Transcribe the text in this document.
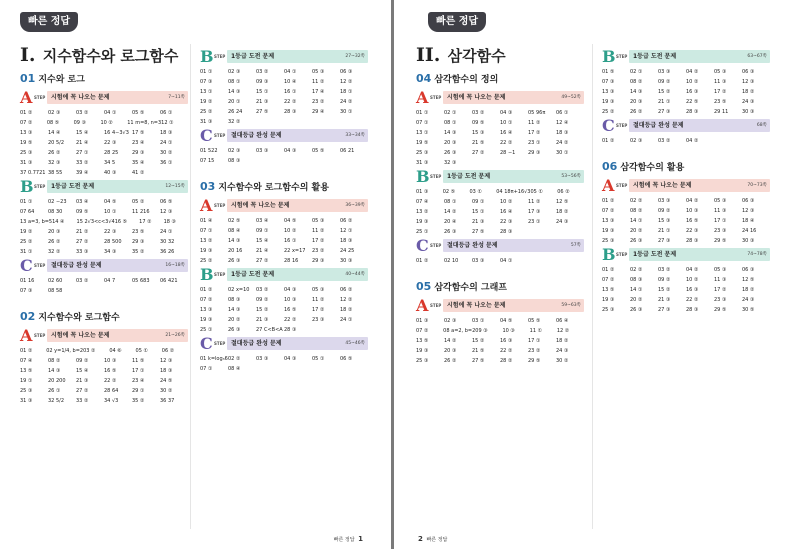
빠른 정답
I. 지수함수와 로그함수
01 지수와 로그
A STEP 시험에 꼭 나오는 문제	7~11쪽
01 ②	02 ③	03 ②	04 ①	05 ⑤	06 ①
07 ②	08 ⑤	09 ③	10 ②	11 m=8, n=3 12 ①
13 ③	14 ④	15 ④	16 4−3√3 17 ⑤	18 ③
19 ⑤	20 5/2	21 ④	22 ③	23 ④	24 ①
25 ③	26 ②	27 ①	28 25	29 ③	30 ②
31 ③	32 ③	33 ②	34 5	35 ④	36 ①
37 0.7721 38 55	39 ④	40 ③	41 ②
B STEP 1등급 도전 문제	12~15쪽
01 ①	02 −23	03 ④	04 ⑤	05 ②	06 ⑤
07 64	08 30	09 ⑤	10 ①	11 216	12 ③
13 a=3, b=5 14 ④	15 2√3<c<3√4 16 ⑤	17 ②	18 ③
19 ②	20 ③	21 ②	22 ③	23 ⑤	24 ①
25 ②	26 ②	27 ②	28 500	29 ③	30 32
31 ①	32 ②	33 ③	34 ③	35 ②	36 26
C STEP 절대등급 완성 문제	16~18쪽
01 16	02 60	03 ②	04 7	05 683	06 421
07 ③	08 58
02 지수함수와 로그함수
A STEP 시험에 꼭 나오는 문제	21~26쪽
01 ②	02 y=1/4, b=2 03 ②	04 ⑥	05 ①	06 ②
07 ④	08 ②	09 ②	10 ③	11 ⑤	12 ③
13 ⑤	14 ③	15 ④	16 ⑤	17 ①	18 ③
19 ①	20 200	21 ③	22 ②	23 ④	24 ⑤
25 ③	26 ①	27 ②	28 64	29 ①	30 ②
31 ③	32 5/2	33 ②	34 √3	35 ②	36 37
B STEP 1등급 도전 문제	27~32쪽
01 ①	02 ③	03 ②	04 ①	05 ③	06 ③
07 ③	08 ①	09 ③	10 ④	11 ②	12 ②
13 ①	14 ③	15 ①	16 ①	17 ④	18 ①
19 ②	20 ①	21 ③	22 ②	23 ②	24 ②
25 ②	26 24	27 ⑤	28 ③	29 ④	30 ①
31 ③	32 ②
C STEP 절대등급 완성 문제	33~34쪽
01 522	02 ③	03 ③	04 ③	05 ⑤	06 21
07 15	08 ③
03 지수함수와 로그함수의 활용
A STEP 시험에 꼭 나오는 문제	36~39쪽
01 ④	02 ⑤	03 ④	04 ⑤	05 ③	06 ②
07 ①	08 ④	09 ①	10 ②	11 ②	12 ①
13 ②	14 ③	15 ④	16 ①	17 ②	18 ③
19 ③	20 16	21 ④	22 x=17	23 ②	24 25
25 ②	26 ③	27 ②	28 16	29 ③	30 ③
B STEP 1등급 도전 문제	40~44쪽
01 ②	02 x=10	03 ②	04 ③	05 ③	06 ②
07 ②	08 ③	09 ②	10 ③	11 ②	12 ②
13 ③	14 ③	15 ②	16 ⑤	17 ②	18 ②
19 ③	20 ②	21 ③	22 ②	23 ③	24 ①
25 ①	26 ③	27 C<B<A 28 ③
C STEP 절대등급 완성 문제	45~46쪽
01 k=log₃6 02 ②	03 ③	04 ③	05 ①	06 ⑤
07 ①	08 ④
빠른 정답 1
빠른 정답
II. 삼각함수
04 삼각함수의 정의
A STEP 시험에 꼭 나오는 문제	49~52쪽
01 ①	02 ①	03 ②	04 ③	05 96π	06 ①
07 ①	08 ①	09 ⑤	10 ①	11 ②	12 ④
13 ①	14 ③	15 ③	16 ④	17 ②	18 ③
19 ⑤	20 ③	21 ⑤	22 ②	23 ①	24 ②
25 ③	26 ③	27 ②	28 −1	29 ③	30 ①
31 ③	32 ③
B STEP 1등급 도전 문제	53~56쪽
01 ③	02 ⑤	03 ①	04 18π+16√3 05 ①	06 ②
07 ④	08 ①	09 ①	10 ②	11 ②	12 ⑤
13 ②	14 ②	15 ①	16 ④	17 ③	18 ②
19 ③	20 ④	21 ③	22 ③	23 ①	24 ③
25 ①	26 ③	27 ⑤	28 ③
C STEP 절대등급 완성 문제	57쪽
01 ②	02 10	03 ③	04 ①
05 삼각함수의 그래프
A STEP 시험에 꼭 나오는 문제	59~63쪽
01 ③	02 ③	03 ①	04 ⑤	05 ⑤	06 ④
07 ②	08 a=2, b=2 09 ③	10 ③	11 ①	12 ②
13 ⑤	14 ②	15 ②	16 ③	17 ①	18 ②
19 ③	20 ③	21 ⑤	22 ②	23 ②	24 ③
25 ③	26 ②	27 ⑤	28 ②	29 ⑤	30 ②
B STEP 1등급 도전 문제	63~67쪽
01 ⑤	02 ①	03 ③	04 ②	05 ③	06 ③
07 ③	08 ②	09 ②	10 ②	11 ③	12 ③
13 ③	14 ③	15 ②	16 ③	17 ②	18 ②
19 ③	20 ③	21 ①	22 ⑤	23 ⑤	24 ③
25 ②	26 ②	27 ③	28 ③	29 11	30 ③
C STEP 절대등급 완성 문제	68쪽
01 ②	02 ③	03 ②	04 ②
06 삼각함수의 활용
A STEP 시험에 꼭 나오는 문제	70~73쪽
01 ②	02 ②	03 ③	04 ②	05 ③	06 ③
07 ②	08 ②	09 ②	10 ③	11 ③	12 ③
13 ③	14 ①	15 ③	16 ⑤	17 ①	18 ④
19 ③	20 ②	21 ①	22 ③	23 ③	24 16
25 ③	26 ③	27 ③	28 ③	29 ⑤	30 ③
B STEP 1등급 도전 문제	74~78쪽
01 ②	02 ②	03 ②	04 ②	05 ③	06 ③
07 ②	08 ③	09 ②	10 ②	11 ③	12 ⑤
13 ⑤	14 ①	15 ②	16 ③	17 ②	18 ②
19 ③	20 ②	21 ③	22 ②	23 ③	24 ③
25 ③	26 ③	27 ③	28 ③	29 ⑤	30 ⑤
2 빠른 정답
